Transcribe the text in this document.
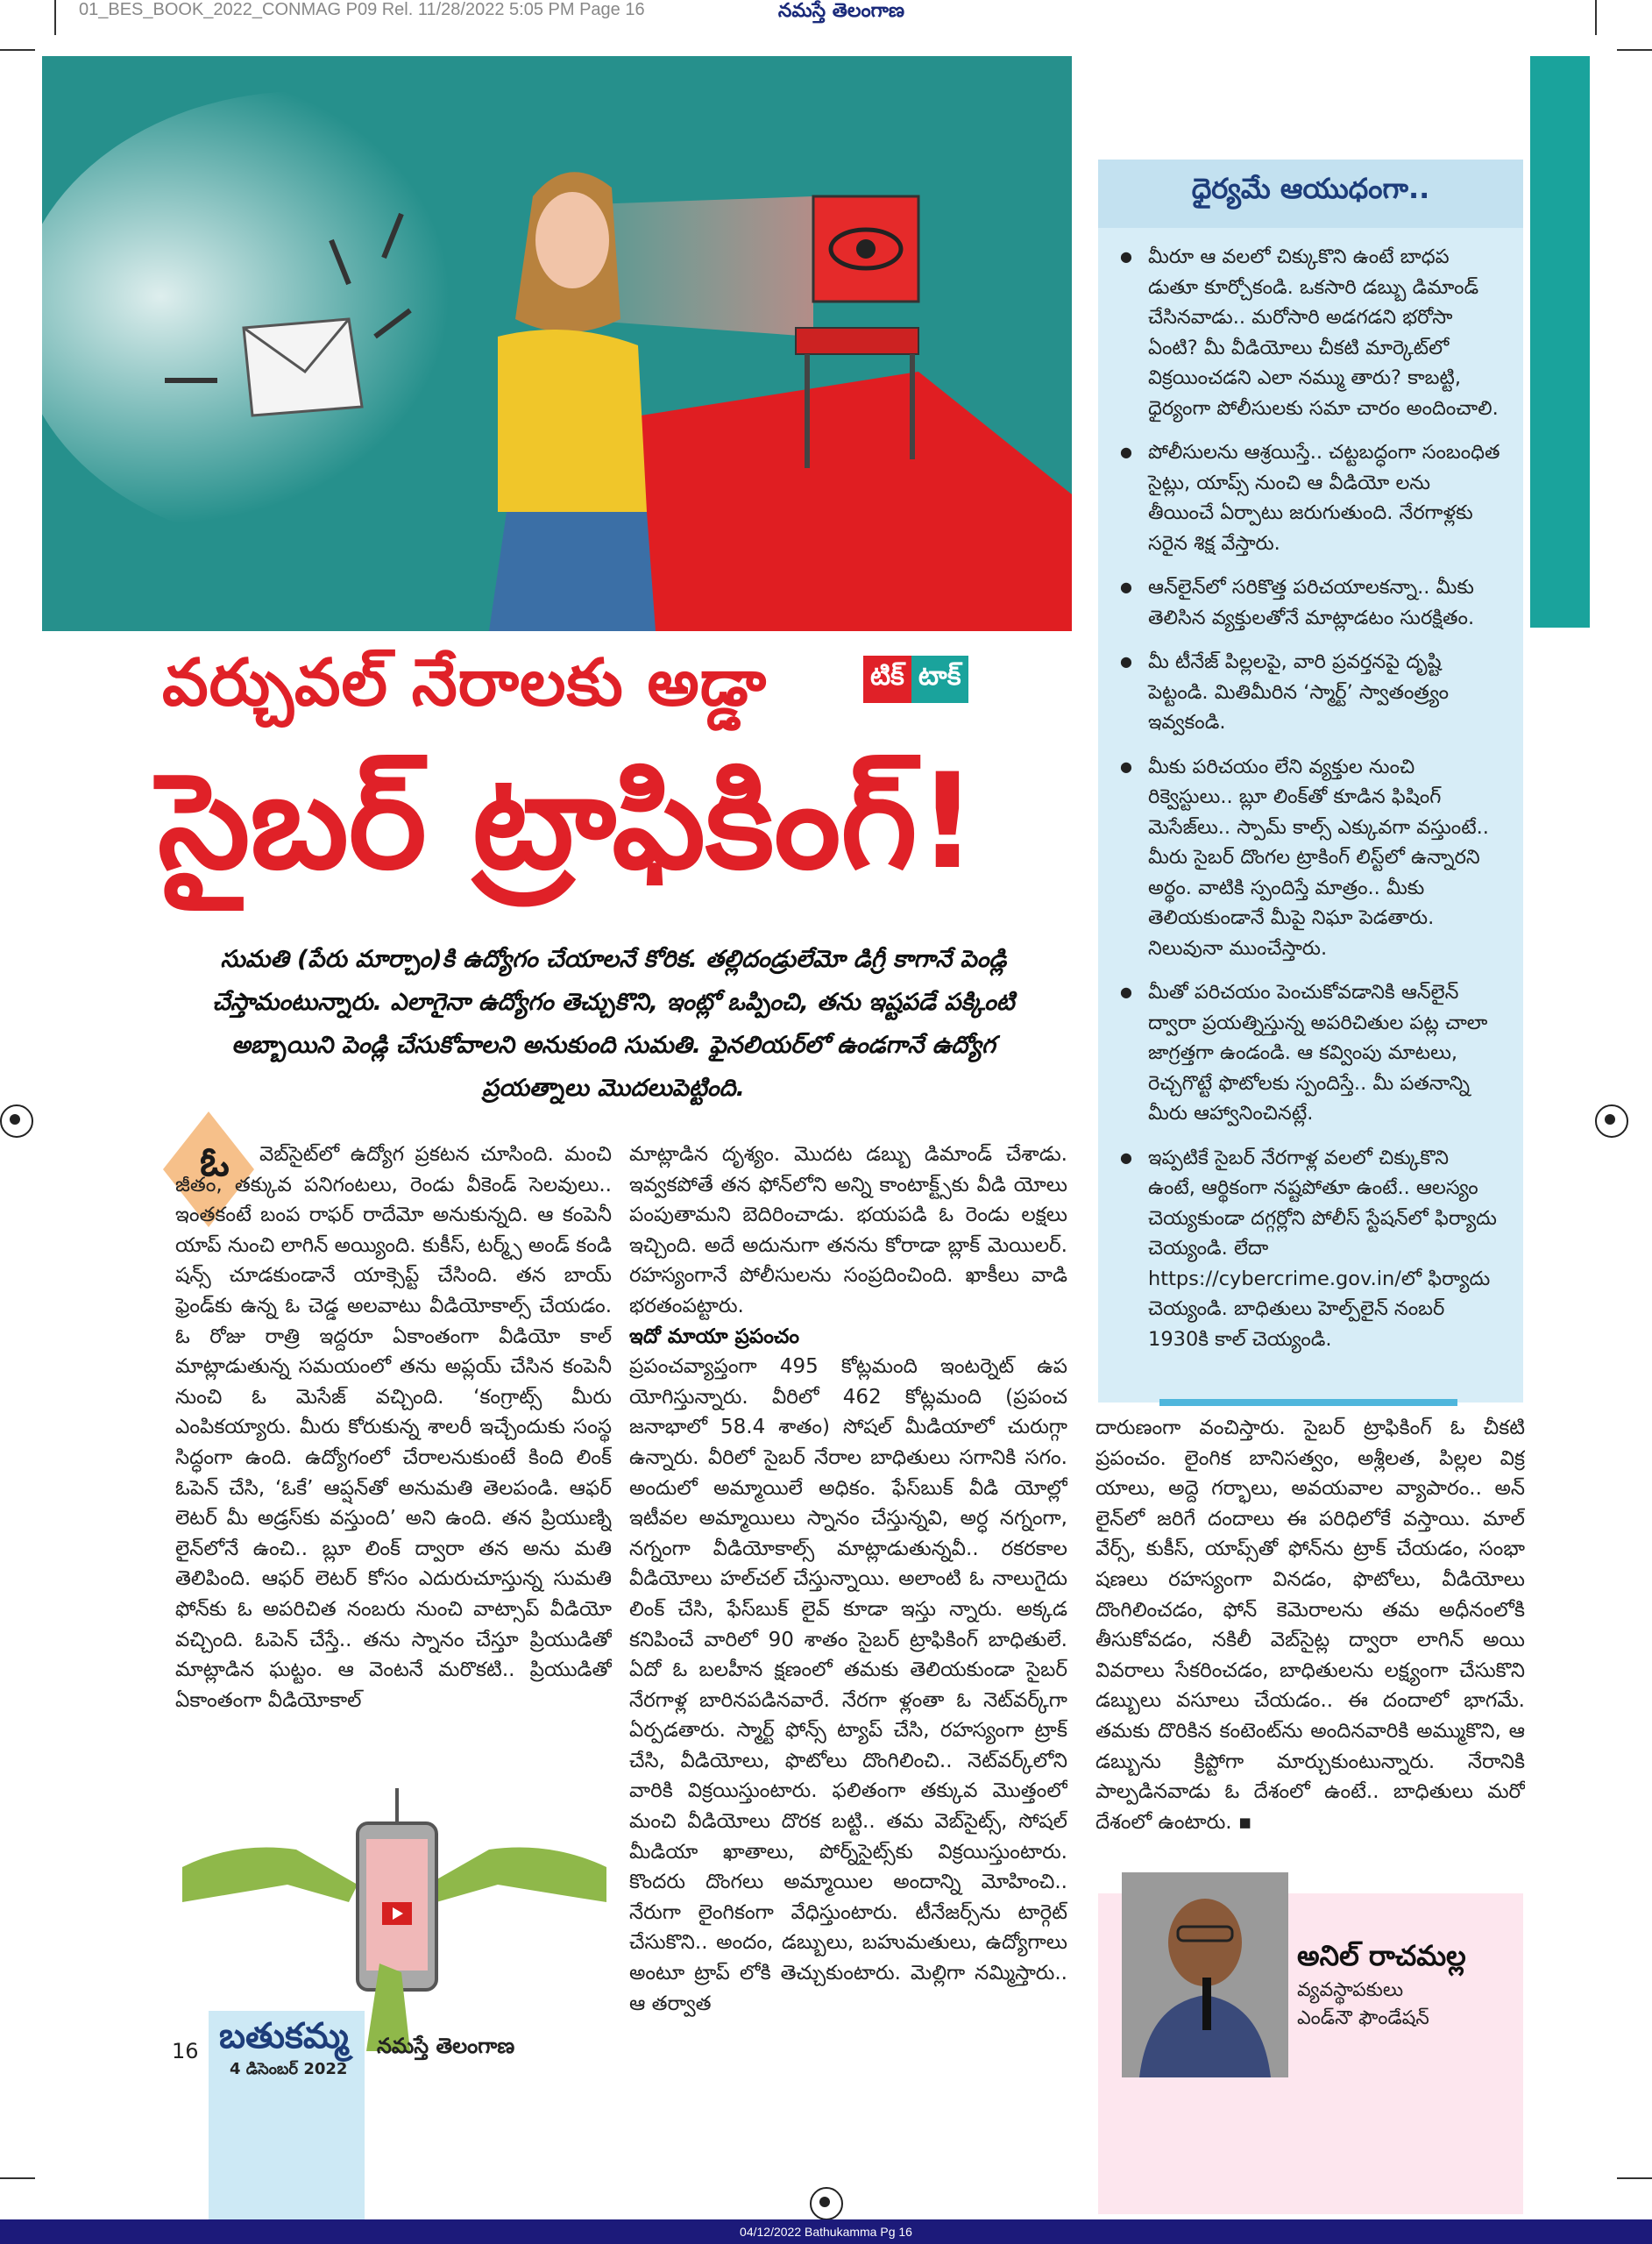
01_BES_BOOK_2022_CONMAG P09 Rel. 11/28/2022 5:05 PM Page 16	నమస్తే తెలంగాణ
ధైర్యమే ఆయుధంగా..
● మీరూ ఆ వలలో చిక్కుకొని ఉంటే బాధప డుతూ కూర్చోకండి. ఒకసారి డబ్బు డిమాండ్ చేసినవాడు.. మరోసారి అడగడని భరోసా ఏంటి? మీ వీడియోలు చీకటి మార్కెట్‌లో విక్రయించడని ఎలా నమ్ము తారు? కాబట్టి, ధైర్యంగా పోలీసులకు సమా చారం అందించాలి.
● పోలీసులను ఆశ్రయిస్తే.. చట్టబద్ధంగా సంబంధిత సైట్లు, యాప్స్ నుంచి ఆ వీడియో లను తీయించే ఏర్పాటు జరుగుతుంది. నేరగాళ్లకు సరైన శిక్ష వేస్తారు.
● ఆన్‌లైన్‌లో సరికొత్త పరిచయాలకన్నా.. మీకు తెలిసిన వ్యక్తులతోనే మాట్లాడటం సురక్షితం.
● మీ టీనేజ్ పిల్లలపై, వారి ప్రవర్తనపై దృష్టి పెట్టండి. మితిమీరిన ‘స్మార్ట్’ స్వాతంత్ర్యం ఇవ్వకండి.
● మీకు పరిచయం లేని వ్యక్తుల నుంచి రిక్వెస్టులు.. బ్లూ లింక్‌తో కూడిన ఫిషింగ్ మెసేజ్‌లు.. స్పామ్ కాల్స్ ఎక్కువగా వస్తుంటే.. మీరు సైబర్ దొంగల ట్రాకింగ్ లిస్ట్‌లో ఉన్నారని అర్థం. వాటికి స్పందిస్తే మాత్రం.. మీకు తెలియకుండానే మీపై నిఘా పెడతారు. నిలువునా ముంచేస్తారు.
● మీతో పరిచయం పెంచుకోవడానికి ఆన్‌లైన్ ద్వారా ప్రయత్నిస్తున్న అపరిచితుల పట్ల చాలా జాగ్రత్తగా ఉండండి. ఆ కవ్వింపు మాటలు, రెచ్చగొట్టే ఫొటోలకు స్పందిస్తే.. మీ పతనాన్ని మీరు ఆహ్వానించినట్లే.
● ఇప్పటికే సైబర్ నేరగాళ్ల వలలో చిక్కుకొని ఉంటే, ఆర్థికంగా నష్టపోతూ ఉంటే.. ఆలస్యం చెయ్యకుండా దగ్గర్లోని పోలీస్ స్టేషన్‌లో ఫిర్యాదు చెయ్యండి. లేదా https://cybercrime.gov.in/లో ఫిర్యాదు చెయ్యండి. బాధితులు హెల్ప్‌లైన్ నంబర్ 1930కి కాల్ చెయ్యండి.
వర్చువల్ నేరాలకు అడ్డా	టిక్ టాక్
సైబర్ ట్రాఫికింగ్!
సుమతి (పేరు మార్చాం)కి ఉద్యోగం చేయాలనే కోరిక. తల్లిదండ్రులేమో డిగ్రీ కాగానే పెండ్లి చేస్తామంటున్నారు. ఎలాగైనా ఉద్యోగం తెచ్చుకొని, ఇంట్లో ఒప్పించి, తను ఇష్టపడే పక్కింటి అబ్బాయిని పెండ్లి చేసుకోవాలని అనుకుంది సుమతి. ఫైనలియర్‌లో ఉండగానే ఉద్యోగ ప్రయత్నాలు మొదలుపెట్టింది.
ఓ	వెబ్‌సైట్‌లో ఉద్యోగ ప్రకటన చూసింది. మంచి జీతం, తక్కువ పనిగంటలు, రెండు వీకెండ్ సెలవులు.. ఇంతకంటే బంప రాఫర్ రాదేమో అనుకున్నది. ఆ కంపెనీ యాప్ నుంచి లాగిన్ అయ్యింది. కుకీస్, టర్మ్స్ అండ్ కండి షన్స్ చూడకుండానే యాక్సెప్ట్ చేసింది. తన బాయ్ ఫ్రెండ్‌కు ఉన్న ఓ చెడ్డ అలవాటు వీడియోకాల్స్ చేయడం. ఓ రోజు రాత్రి ఇద్దరూ ఏకాంతంగా వీడియో కాల్ మాట్లాడుతున్న సమయంలో తను అప్లయ్ చేసిన కంపెనీ నుంచి ఓ మెసేజ్ వచ్చింది. ‘కంగ్రాట్స్ మీరు ఎంపికయ్యారు. మీరు కోరుకున్న శాలరీ ఇచ్చేందుకు సంస్థ సిద్ధంగా ఉంది. ఉద్యోగంలో చేరాలనుకుంటే కింది లింక్ ఓపెన్ చేసి, ‘ఓకే’ ఆప్షన్‌తో అనుమతి తెలపండి. ఆఫర్ లెటర్ మీ అడ్రస్‌కు వస్తుంది’ అని ఉంది. తన ప్రియుణ్ని లైన్‌లోనే ఉంచి.. బ్లూ లింక్ ద్వారా తన అను మతి తెలిపింది. ఆఫర్ లెటర్ కోసం ఎదురుచూస్తున్న సుమతి ఫోన్‌కు ఓ అపరిచిత నంబరు నుంచి వాట్సాప్ వీడియో వచ్చింది. ఓపెన్ చేస్తే.. తను స్నానం చేస్తూ ప్రియుడితో మాట్లాడిన ఘట్టం. ఆ వెంటనే మరొకటి.. ప్రియుడితో ఏకాంతంగా వీడియోకాల్
మాట్లాడిన దృశ్యం. మొదట డబ్బు డిమాండ్ చేశాడు. ఇవ్వకపోతే తన ఫోన్‌లోని అన్ని కాంటాక్ట్స్‌కు వీడి యోలు పంపుతామని బెదిరించాడు. భయపడి ఓ రెండు లక్షలు ఇచ్చింది. అదే అదునుగా తనను కోరాడా బ్లాక్ మెయిలర్. రహస్యంగానే పోలీసులను సంప్రదించింది. ఖాకీలు వాడి భరతంపట్టారు.
ఇదో మాయా ప్రపంచం
ప్రపంచవ్యాప్తంగా 495 కోట్లమంది ఇంటర్నెట్ ఉప యోగిస్తున్నారు. వీరిలో 462 కోట్లమంది (ప్రపంచ జనాభాలో 58.4 శాతం) సోషల్ మీడియాలో చురుగ్గా ఉన్నారు. వీరిలో సైబర్ నేరాల బాధితులు సగానికి సగం. అందులో అమ్మాయిలే అధికం. ఫేస్‌బుక్ వీడి యోల్లో ఇటీవల అమ్మాయిలు స్నానం చేస్తున్నవి, అర్ధ నగ్నంగా, నగ్నంగా వీడియోకాల్స్ మాట్లాడుతున్నవీ.. రకరకాల వీడియోలు హల్‌చల్ చేస్తున్నాయి. అలాంటి ఓ నాలుగైదు లింక్ చేసి, ఫేస్‌బుక్ లైవ్ కూడా ఇస్తు న్నారు. అక్కడ కనిపించే వారిలో 90 శాతం సైబర్ ట్రాఫికింగ్ బాధితులే. ఏదో ఓ బలహీన క్షణంలో తమకు తెలియకుండా సైబర్ నేరగాళ్ల బారినపడినవారే. నేరగా ళ్లంతా ఓ నెట్‌వర్క్‌గా ఏర్పడతారు. స్మార్ట్ ఫోన్స్ ట్యాప్ చేసి, రహస్యంగా ట్రాక్ చేసి, వీడియోలు, ఫొటోలు దొంగిలించి.. నెట్‌వర్క్‌లోని వారికి విక్రయిస్తుంటారు. ఫలితంగా తక్కువ మొత్తంలో మంచి వీడియోలు దొరక బట్టి.. తమ వెబ్‌సైట్స్, సోషల్ మీడియా ఖాతాలు, పోర్న్‌సైట్స్‌కు విక్రయిస్తుంటారు. కొందరు దొంగలు అమ్మాయిల అందాన్ని మోహించి.. నేరుగా లైంగికంగా వేధిస్తుంటారు. టీనేజర్స్‌ను టార్గెట్ చేసుకొని.. అందం, డబ్బులు, బహుమతులు, ఉద్యోగాలు అంటూ ట్రాప్ లోకి తెచ్చుకుంటారు. మెల్లిగా నమ్మిస్తారు.. ఆ తర్వాత
దారుణంగా వంచిస్తారు. సైబర్ ట్రాఫికింగ్ ఓ చీకటి ప్రపంచం. లైంగిక బానిసత్వం, అశ్లీలత, పిల్లల విక్ర యాలు, అద్దె గర్భాలు, అవయవాల వ్యాపారం.. అన్ లైన్‌లో జరిగే దందాలు ఈ పరిధిలోకే వస్తాయి. మాల్ వేర్స్, కుకీస్, యాప్స్‌తో ఫోన్‌ను ట్రాక్ చేయడం, సంభా షణలు రహస్యంగా వినడం, ఫొటోలు, వీడియోలు దొంగిలించడం, ఫోన్ కెమెరాలను తమ అధీనంలోకి తీసుకోవడం, నకిలీ వెబ్‌సైట్ల ద్వారా లాగిన్ అయి వివరాలు సేకరించడం, బాధితులను లక్ష్యంగా చేసుకొని డబ్బులు వసూలు చేయడం.. ఈ దందాలో భాగమే. తమకు దొరికిన కంటెంట్‌ను అందినవారికి అమ్ముకొని, ఆ డబ్బును క్రిప్టోగా మార్చుకుంటున్నారు. నేరానికి పాల్పడినవాడు ఓ దేశంలో ఉంటే.. బాధితులు మరో దేశంలో ఉంటారు. ▪
అనిల్ రాచమల్ల
వ్యవస్థాపకులు
ఎండ్‌నౌ ఫౌండేషన్
16 బతుకమ్మ
4 డిసెంబర్ 2022
నమస్తే తెలంగాణ
04/12/2022 Bathukamma Pg 16
